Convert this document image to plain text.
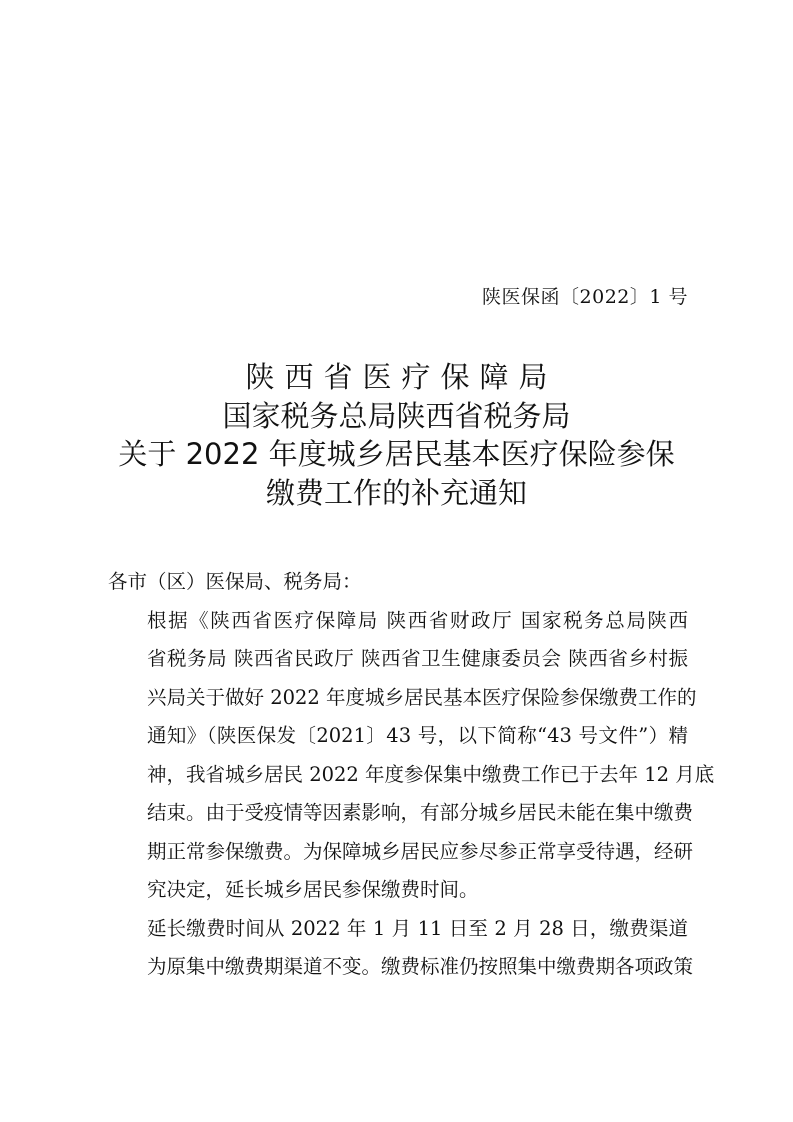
陕医保函〔2022〕1 号
陕西省医疗保障局
国家税务总局陕西省税务局
关于 2022 年度城乡居民基本医疗保险参保
缴费工作的补充通知

各市（区）医保局、税务局：

根据《陕西省医疗保障局 陕西省财政厅 国家税务总局陕西
省税务局 陕西省民政厅 陕西省卫生健康委员会 陕西省乡村振
兴局关于做好 2022 年度城乡居民基本医疗保险参保缴费工作的
通知》（陕医保发〔2021〕43 号，以下简称“43 号文件”）精
神，我省城乡居民 2022 年度参保集中缴费工作已于去年 12 月底
结束。由于受疫情等因素影响，有部分城乡居民未能在集中缴费
期正常参保缴费。为保障城乡居民应参尽参正常享受待遇，经研
究决定，延长城乡居民参保缴费时间。

延长缴费时间从 2022 年 1 月 11 日至 2 月 28 日，缴费渠道
为原集中缴费期渠道不变。缴费标准仍按照集中缴费期各项政策
